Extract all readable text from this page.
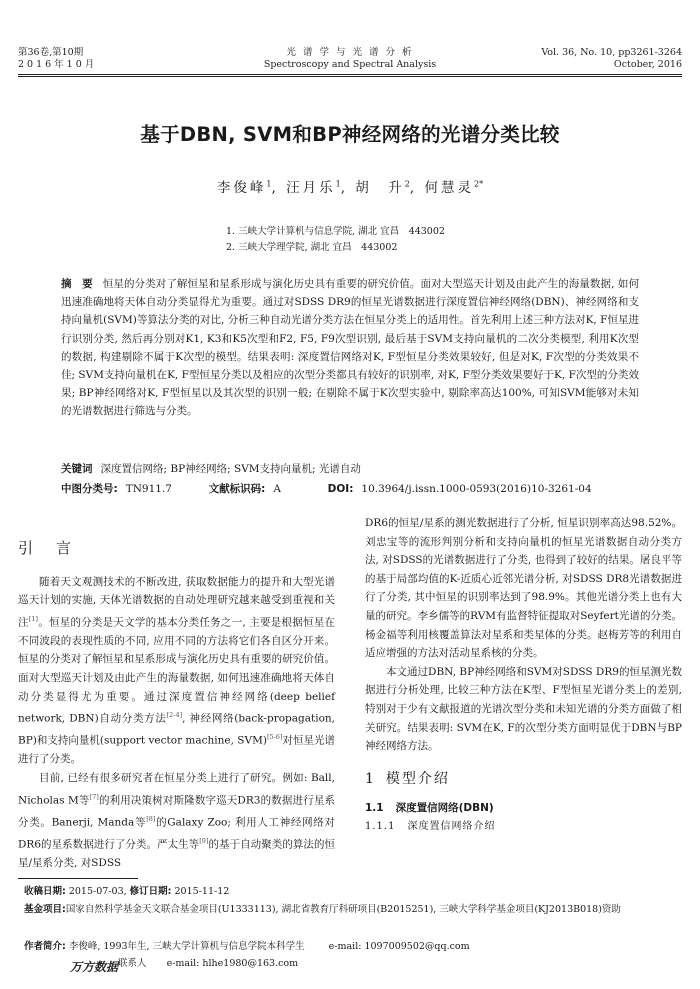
第36卷,第10期
2016年10月
光 谱 学 与 光 谱 分 析
Spectroscopy and Spectral Analysis
Vol. 36, No. 10, pp3261-3264
October, 2016
基于DBN, SVM和BP神经网络的光谱分类比较
李俊峰$^1$, 汪月乐$^1$, 胡　升$^2$, 何慧灵$^{2*}$
1. 三峡大学计算机与信息学院, 湖北 宜昌　443002
2. 三峡大学理学院, 湖北 宜昌　443002
摘　要 恒星的分类对了解恒星和星系形成与演化历史具有重要的研究价值。面对大型巡天计划及由此产生的海量数据, 如何迅速准确地将天体自动分类显得尤为重要。通过对SDSS DR9的恒星光谱数据进行深度置信神经网络(DBN)、神经网络和支持向量机(SVM)等算法分类的对比, 分析三种自动光谱分类方法在恒星分类上的适用性。首先利用上述三种方法对K, F恒星进行识别分类, 然后再分别对K1, K3和K5次型和F2, F5, F9次型识别, 最后基于SVM支持向量机的二次分类模型, 利用K次型的数据, 构建剔除不属于K次型的模型。结果表明: 深度置信网络对K, F型恒星分类效果较好, 但是对K, F次型的分类效果不佳; SVM支持向量机在K, F型恒星分类以及相应的次型分类都具有较好的识别率, 对K, F型分类效果要好于K, F次型的分类效果; BP神经网络对K, F型恒星以及其次型的识别一般; 在剔除不属于K次型实验中, 剔除率高达100%, 可知SVM能够对未知的光谱数据进行筛选与分类。
关键词 深度置信网络; BP神经网络; SVM支持向量机; 光谱自动
中图分类号: TN911.7	文献标识码: A	DOI: 10.3964/j.issn.1000-0593(2016)10-3261-04
引　言

随着天文观测技术的不断改进, 获取数据能力的提升和大型光谱巡天计划的实施, 天体光谱数据的自动处理研究越来越受到重视和关注[1]。恒星的分类是天文学的基本分类任务之一, 主要是根据恒星在不同波段的表现性质的不同, 应用不同的方法将它们各自区分开来。恒星的分类对了解恒星和星系形成与演化历史具有重要的研究价值。面对大型巡天计划及由此产生的海量数据, 如何迅速准确地将天体自动分类显得尤为重要。通过深度置信神经网络(deep belief network, DBN)自动分类方法[2-4], 神经网络(back-propagation, BP)和支持向量机(support vector machine, SVM)[5-6]对恒星光谱进行了分类。

目前, 已经有很多研究者在恒星分类上进行了研究。例如: Ball, Nicholas M等[7]的利用决策树对斯隆数字巡天DR3的数据进行星系分类。Banerji, Manda等[8]的Galaxy Zoo; 利用人工神经网络对DR6的星系数据进行了分类。严太生等[9]的基于自动聚类的算法的恒星/星系分类, 对SDSS

DR6的恒星/星系的测光数据进行了分析, 恒星识别率高达98.52%。刘忠宝等的流形判别分析和支持向量机的恒星光谱数据自动分类方法, 对SDSS的光谱数据进行了分类, 也得到了较好的结果。屠良平等的基于局部均值的K-近质心近邻光谱分析, 对SDSS DR8光谱数据进行了分类, 其中恒星的识别率达到了98.9%。其他光谱分类上也有大量的研究。李乡儒等的RVM有监督特征提取对Seyfert光谱的分类。杨金福等利用核覆盖算法对星系和类星体的分类。赵梅芳等的利用自适应增强的方法对活动星系核的分类。

本文通过DBN, BP神经网络和SVM对SDSS DR9的恒星测光数据进行分析处理, 比较三种方法在K型、F型恒星光谱分类上的差别, 特别对于少有文献报道的光谱次型分类和未知光谱的分类方面做了相关研究。结果表明: SVM在K, F的次型分类方面明显优于DBN与BP神经网络方法。

1 模型介绍
1.1 深度置信网络(DBN)
1.1.1 深度置信网络介绍
收稿日期: 2015-07-03, 修订日期: 2015-11-12
基金项目: 国家自然科学基金天文联合基金项目(U1333113), 湖北省教育厅科研项目(B2015251), 三峡大学科学基金项目(KJ2013B018)资助
作者简介: 李俊峰, 1993年生, 三峡大学计算机与信息学院本科学生	e-mail: 1097009502@qq.com
联系人 e-mail: hlhe1980@163.com
万方数据
